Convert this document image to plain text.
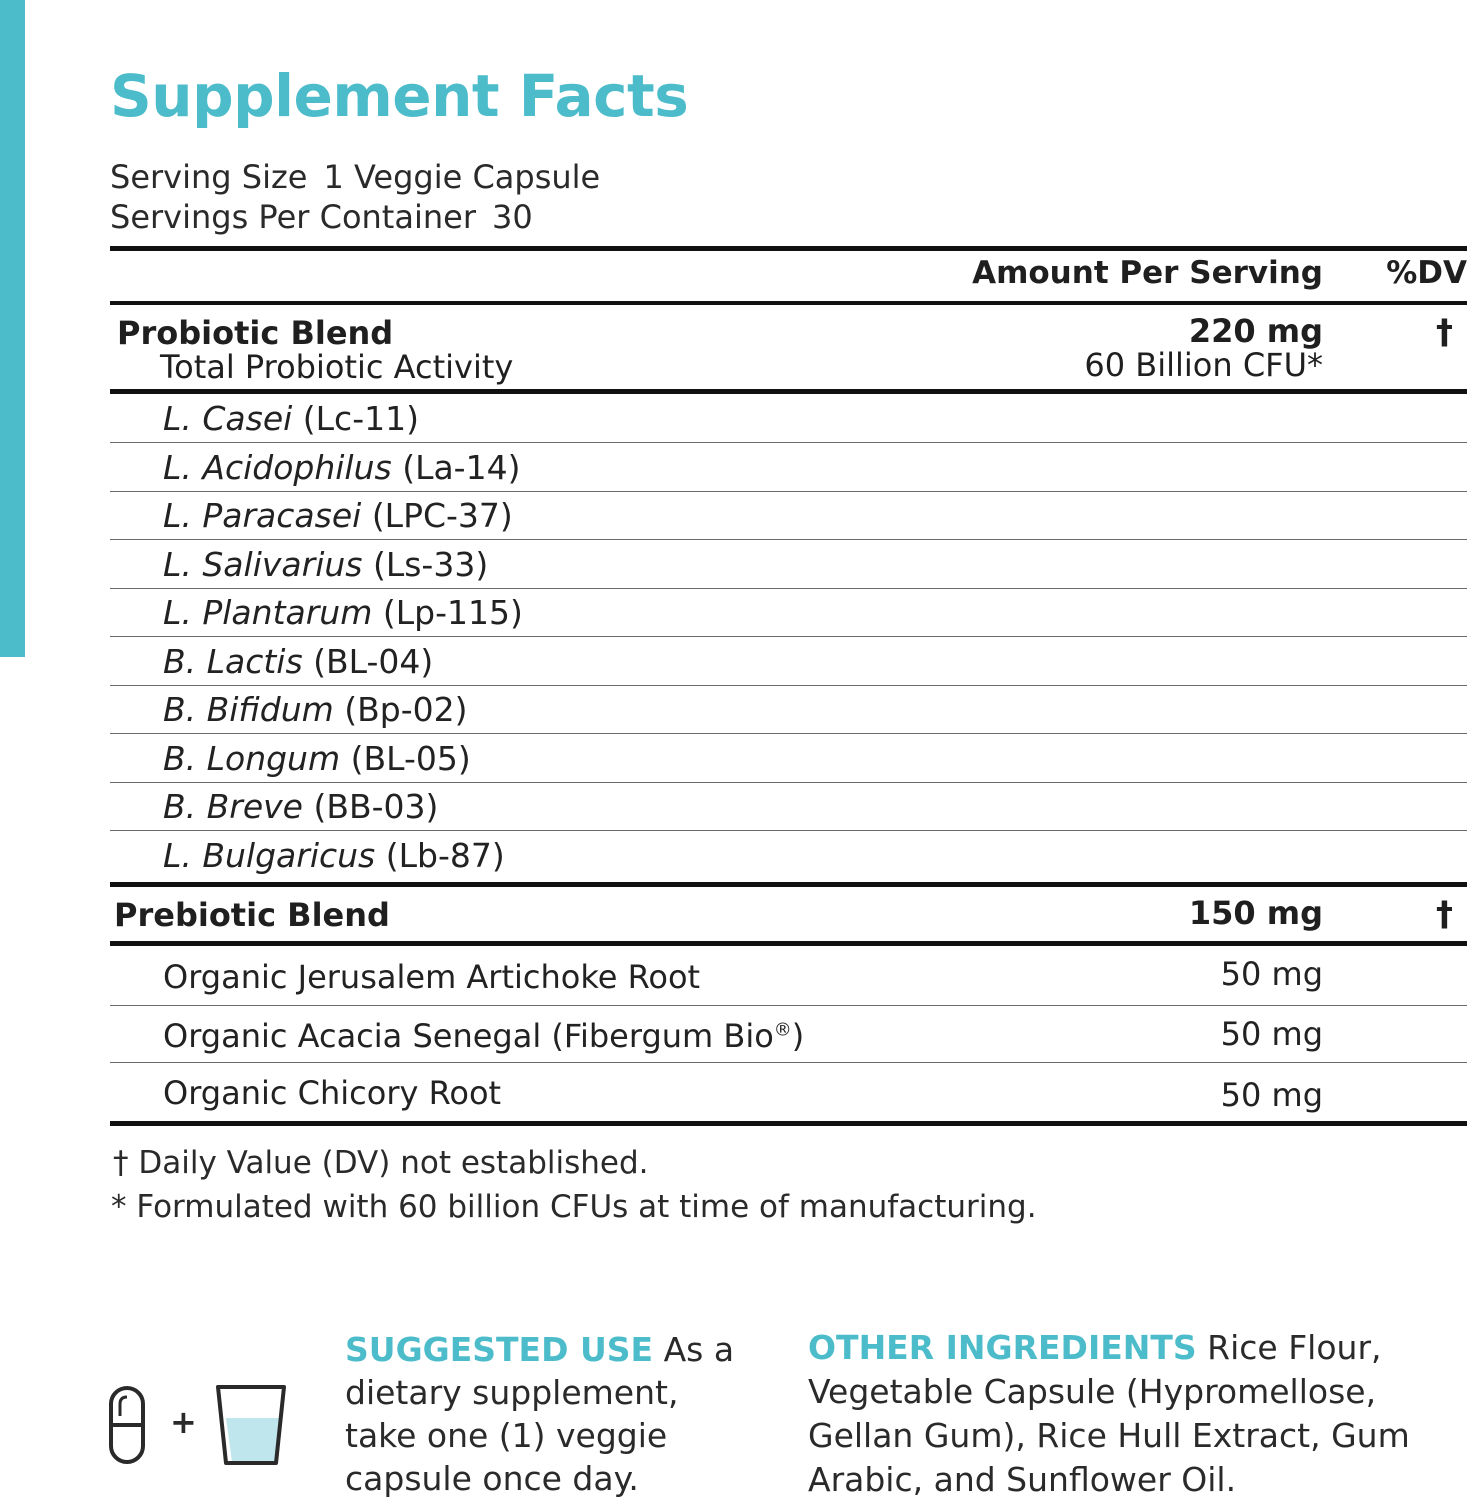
Supplement Facts
Serving Size 1 Veggie Capsule
Servings Per Container 30
Amount Per Serving %DV
Probiotic Blend	220 mg	†
Total Probiotic Activity	60 Billion CFU*
L. Casei (Lc-11)
L. Acidophilus (La-14)
L. Paracasei (LPC-37)
L. Salivarius (Ls-33)
L. Plantarum (Lp-115)
B. Lactis (BL-04)
B. Bifidum (Bp-02)
B. Longum (BL-05)
B. Breve (BB-03)
L. Bulgaricus (Lb-87)
Prebiotic Blend	150 mg	†
Organic Jerusalem Artichoke Root	50 mg
Organic Acacia Senegal (Fibergum Bio®)	50 mg
Organic Chicory Root	50 mg
† Daily Value (DV) not established.
* Formulated with 60 billion CFUs at time of manufacturing.
+
SUGGESTED USE As a dietary supplement, take one (1) veggie capsule once day.
OTHER INGREDIENTS Rice Flour, Vegetable Capsule (Hypromellose, Gellan Gum), Rice Hull Extract, Gum Arabic, and Sunflower Oil.
